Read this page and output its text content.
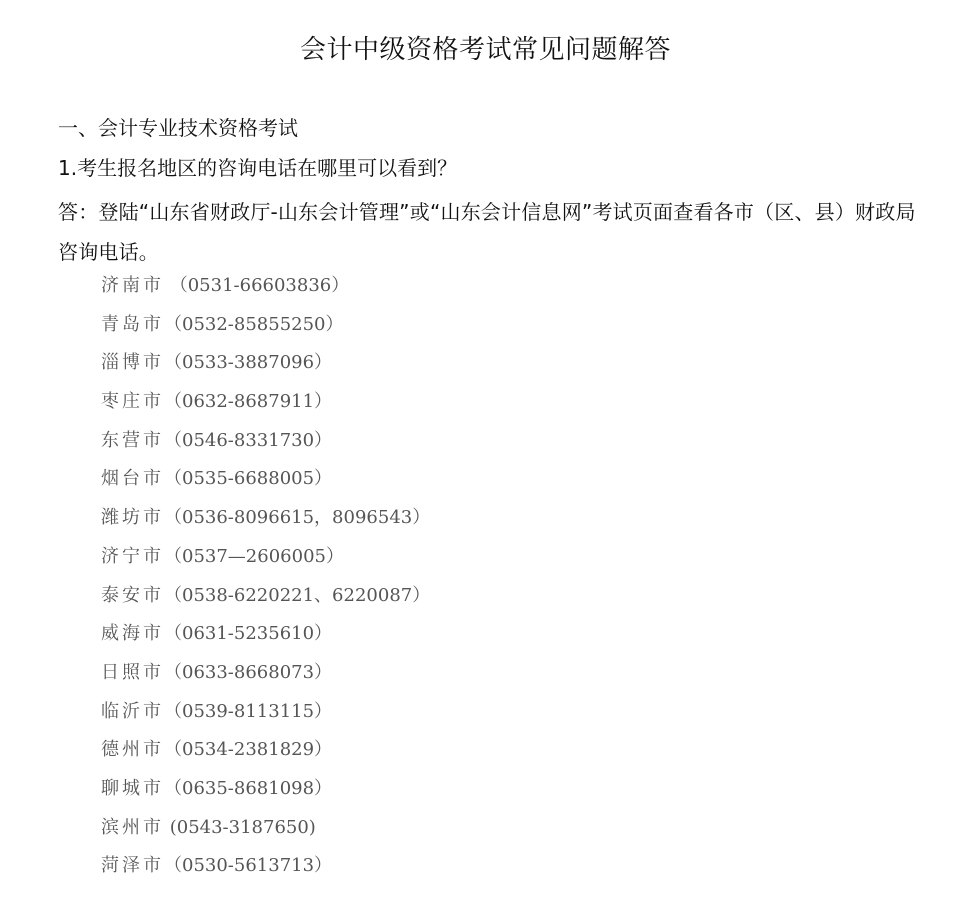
会计中级资格考试常见问题解答
一、会计专业技术资格考试
1.考生报名地区的咨询电话在哪里可以看到？
答：登陆“山东省财政厅-山东会计管理”或“山东会计信息网”考试页面查看各市（区、县）财政局咨询电话。
济南市 （0531-66603836）
青岛市（0532-85855250）
淄博市（0533-3887096）
枣庄市（0632-8687911）
东营市（0546-8331730）
烟台市（0535-6688005）
潍坊市（0536-8096615，8096543）
济宁市（0537—2606005）
泰安市（0538-6220221、6220087）
威海市（0631-5235610）
日照市（0633-8668073）
临沂市（0539-8113115）
德州市（0534-2381829）
聊城市（0635-8681098）
滨州市 (0543-3187650)
菏泽市（0530-5613713）
